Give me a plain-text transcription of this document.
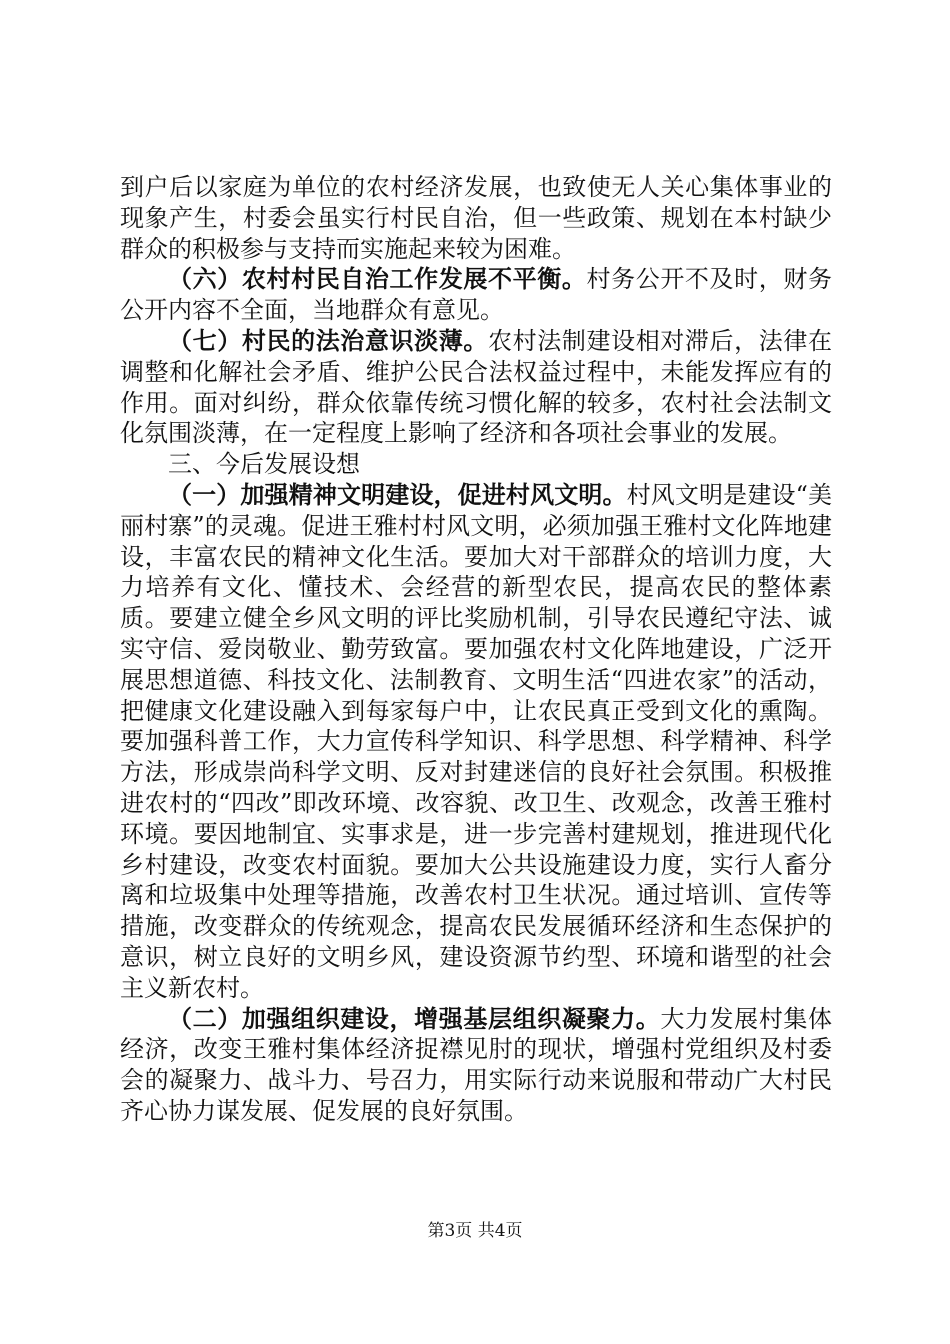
到户后以家庭为单位的农村经济发展，也致使无人关心集体事业的现象产生，村委会虽实行村民自治，但一些政策、规划在本村缺少群众的积极参与支持而实施起来较为困难。

（六）农村村民自治工作发展不平衡。村务公开不及时，财务公开内容不全面，当地群众有意见。

（七）村民的法治意识淡薄。农村法制建设相对滞后，法律在调整和化解社会矛盾、维护公民合法权益过程中，未能发挥应有的作用。面对纠纷，群众依靠传统习惯化解的较多，农村社会法制文化氛围淡薄，在一定程度上影响了经济和各项社会事业的发展。

三、今后发展设想

（一）加强精神文明建设，促进村风文明。村风文明是建设“美丽村寨”的灵魂。促进王雅村村风文明，必须加强王雅村文化阵地建设，丰富农民的精神文化生活。要加大对干部群众的培训力度，大力培养有文化、懂技术、会经营的新型农民，提高农民的整体素质。要建立健全乡风文明的评比奖励机制，引导农民遵纪守法、诚实守信、爱岗敬业、勤劳致富。要加强农村文化阵地建设，广泛开展思想道德、科技文化、法制教育、文明生活“四进农家”的活动，把健康文化建设融入到每家每户中，让农民真正受到文化的熏陶。要加强科普工作，大力宣传科学知识、科学思想、科学精神、科学方法，形成崇尚科学文明、反对封建迷信的良好社会氛围。积极推进农村的“四改”即改环境、改容貌、改卫生、改观念，改善王雅村环境。要因地制宜、实事求是，进一步完善村建规划，推进现代化乡村建设，改变农村面貌。要加大公共设施建设力度，实行人畜分离和垃圾集中处理等措施，改善农村卫生状况。通过培训、宣传等措施，改变群众的传统观念，提高农民发展循环经济和生态保护的意识，树立良好的文明乡风，建设资源节约型、环境和谐型的社会主义新农村。

（二）加强组织建设，增强基层组织凝聚力。大力发展村集体经济，改变王雅村集体经济捉襟见肘的现状，增强村党组织及村委会的凝聚力、战斗力、号召力，用实际行动来说服和带动广大村民齐心协力谋发展、促发展的良好氛围。

第3页 共4页
